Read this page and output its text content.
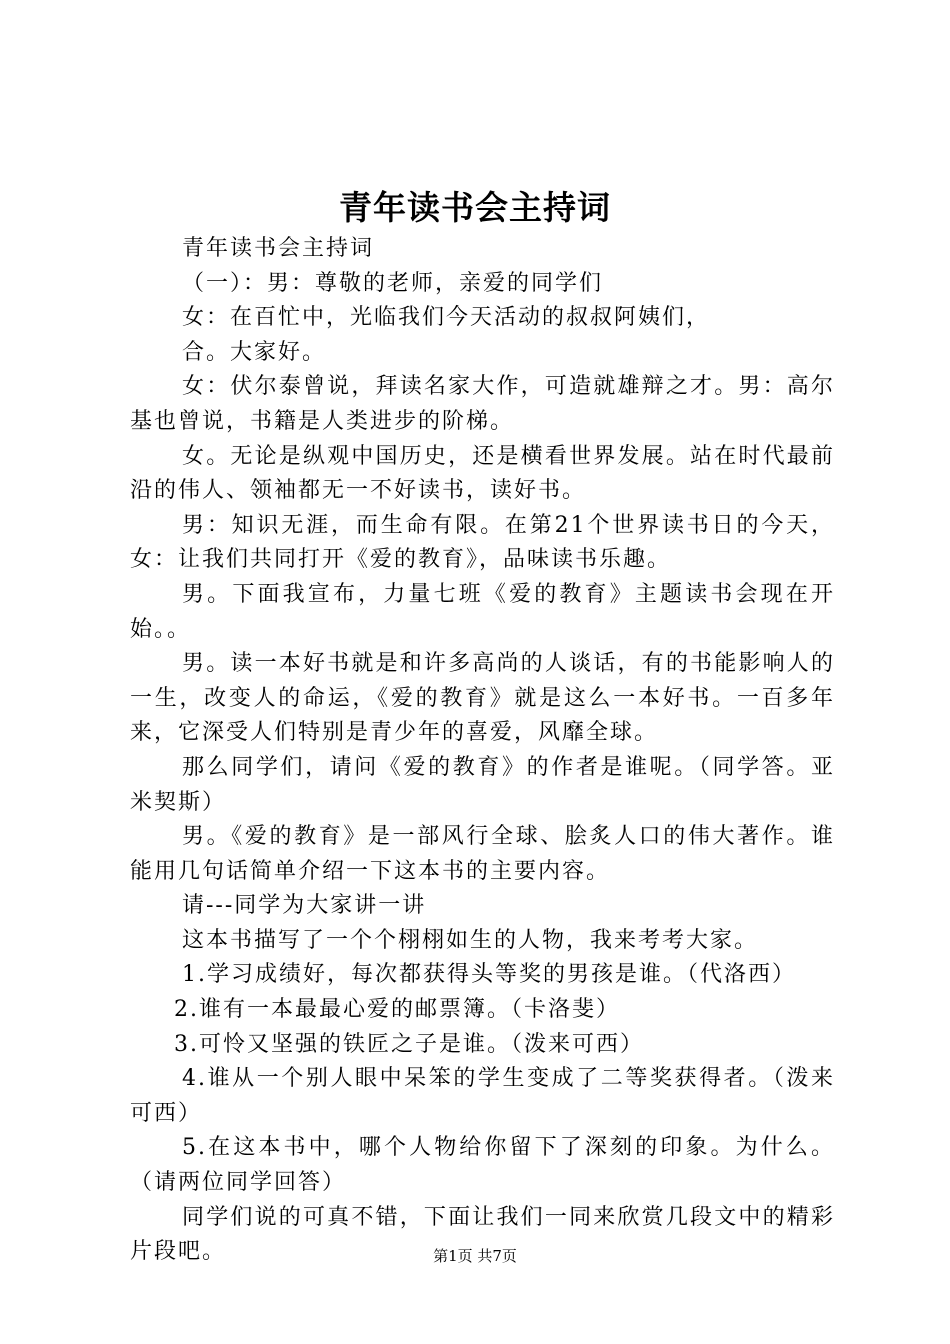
青年读书会主持词

青年读书会主持词

（一）：男：尊敬的老师，亲爱的同学们

女：在百忙中，光临我们今天活动的叔叔阿姨们，

合。大家好。

女：伏尔泰曾说，拜读名家大作，可造就雄辩之才。男：高尔基也曾说，书籍是人类进步的阶梯。

女。无论是纵观中国历史，还是横看世界发展。站在时代最前沿的伟人、领袖都无一不好读书，读好书。

男：知识无涯，而生命有限。在第21个世界读书日的今天，女：让我们共同打开《爱的教育》，品味读书乐趣。

男。下面我宣布，力量七班《爱的教育》主题读书会现在开始。。

男。读一本好书就是和许多高尚的人谈话，有的书能影响人的一生，改变人的命运，《爱的教育》就是这么一本好书。一百多年来，它深受人们特别是青少年的喜爱，风靡全球。

那么同学们，请问《爱的教育》的作者是谁呢。（同学答。亚米契斯）

男。《爱的教育》是一部风行全球、脍炙人口的伟大著作。谁能用几句话简单介绍一下这本书的主要内容。

请---同学为大家讲一讲

这本书描写了一个个栩栩如生的人物，我来考考大家。

1.学习成绩好，每次都获得头等奖的男孩是谁。（代洛西）

2.谁有一本最最心爱的邮票簿。（卡洛斐）

3.可怜又坚强的铁匠之子是谁。（泼来可西）

4.谁从一个别人眼中呆笨的学生变成了二等奖获得者。（泼来可西）

5.在这本书中，哪个人物给你留下了深刻的印象。为什么。（请两位同学回答）

同学们说的可真不错，下面让我们一同来欣赏几段文中的精彩片段吧。	第1页 共7页
